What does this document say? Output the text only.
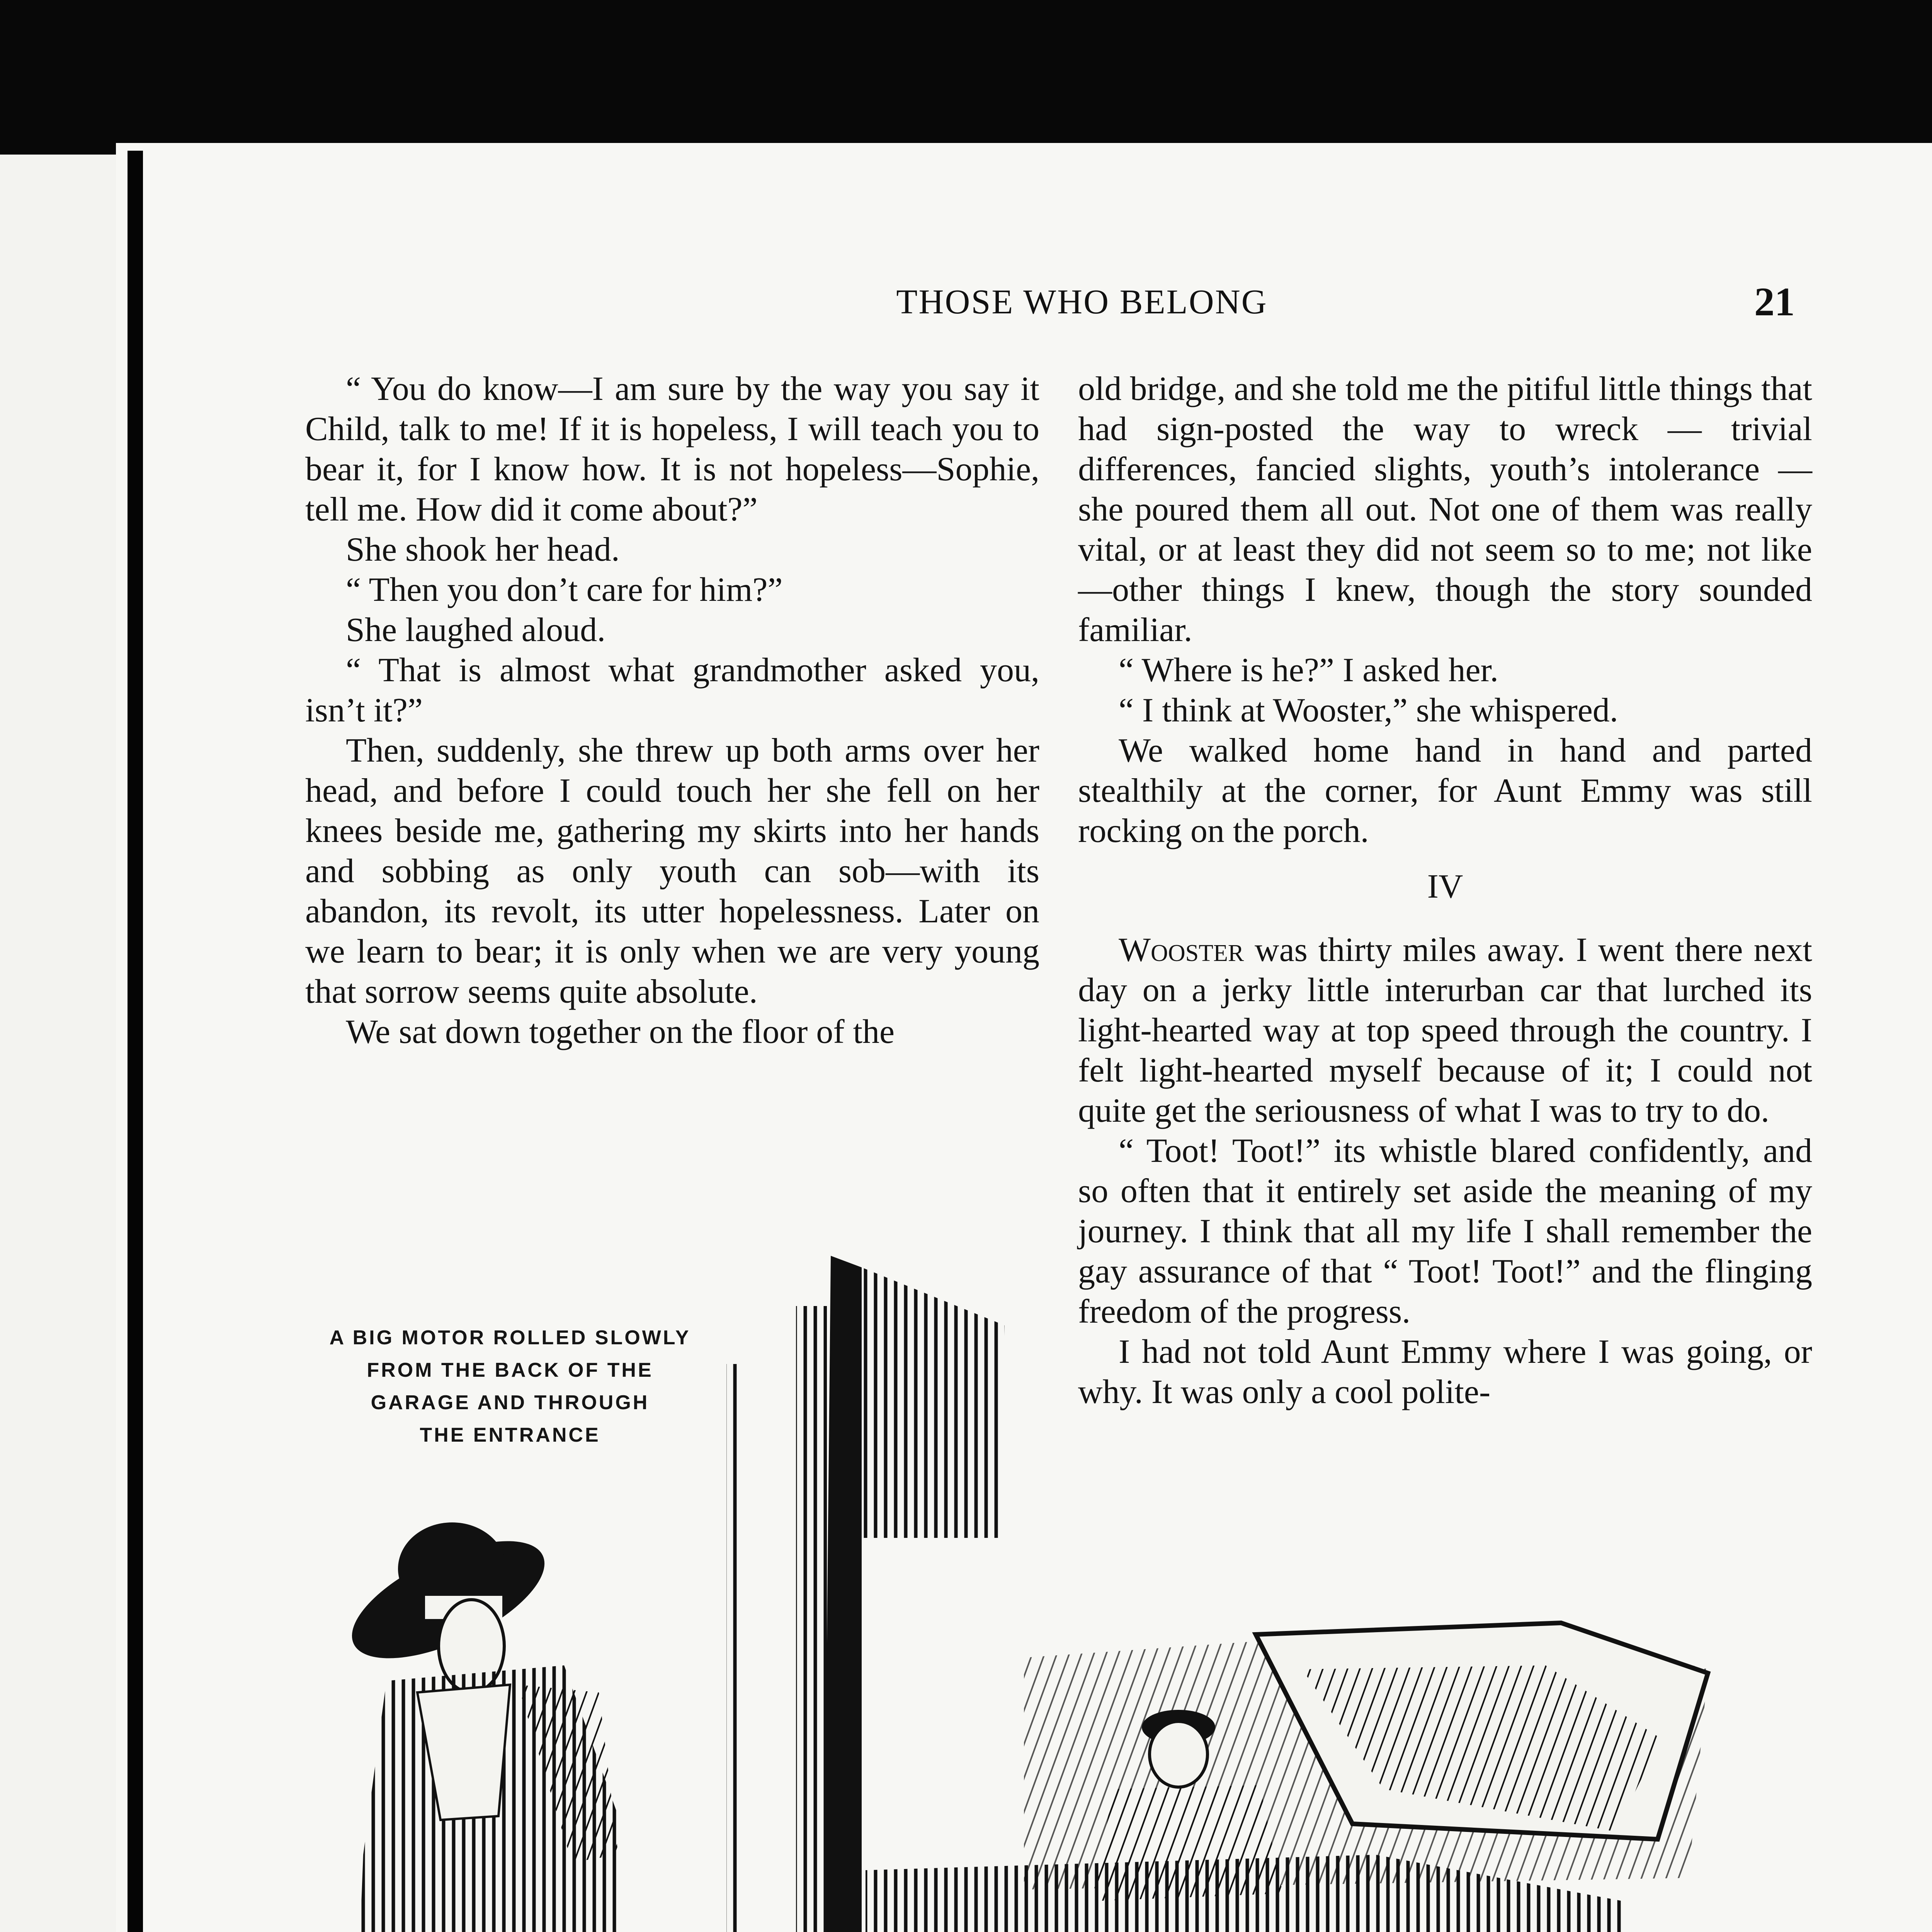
THOSE WHO BELONG	21

“ You do know—I am sure by the way you say it Child, talk to me! If it is hopeless, I will teach you to bear it, for I know how. It is not hopeless—Sophie, tell me. How did it come about?”

She shook her head.

“ Then you don’t care for him?”

She laughed aloud.

“ That is almost what grandmother asked you, isn’t it?”

Then, suddenly, she threw up both arms over her head, and before I could touch her she fell on her knees beside me, gathering my skirts into her hands and sobbing as only youth can sob—with its abandon, its revolt, its utter hopelessness. Later on we learn to bear; it is only when we are very young that sorrow seems quite absolute.

We sat down together on the floor of the

old bridge, and she told me the pitiful little things that had sign-posted the way to wreck — trivial differences, fancied slights, youth’s intolerance — she poured them all out. Not one of them was really vital, or at least they did not seem so to me; not like—other things I knew, though the story sounded familiar.

“ Where is he?” I asked her.

“ I think at Wooster,” she whispered.

We walked home hand in hand and parted stealthily at the corner, for Aunt Emmy was still rocking on the porch.

IV

Wooster was thirty miles away. I went there next day on a jerky little interurban car that lurched its light-hearted way at top speed through the country. I felt light-hearted myself because of it; I could not quite get the seriousness of what I was to try to do.

“ Toot! Toot!” its whistle blared confidently, and so often that it entirely set aside the meaning of my journey. I think that all my life I shall remember the gay assurance of that “ Toot! Toot!” and the flinging freedom of the progress.

I had not told Aunt Emmy where I was going, or why. It was only a cool polite-

A BIG MOTOR ROLLED SLOWLY
FROM THE BACK OF THE
GARAGE AND THROUGH
THE ENTRANCE
